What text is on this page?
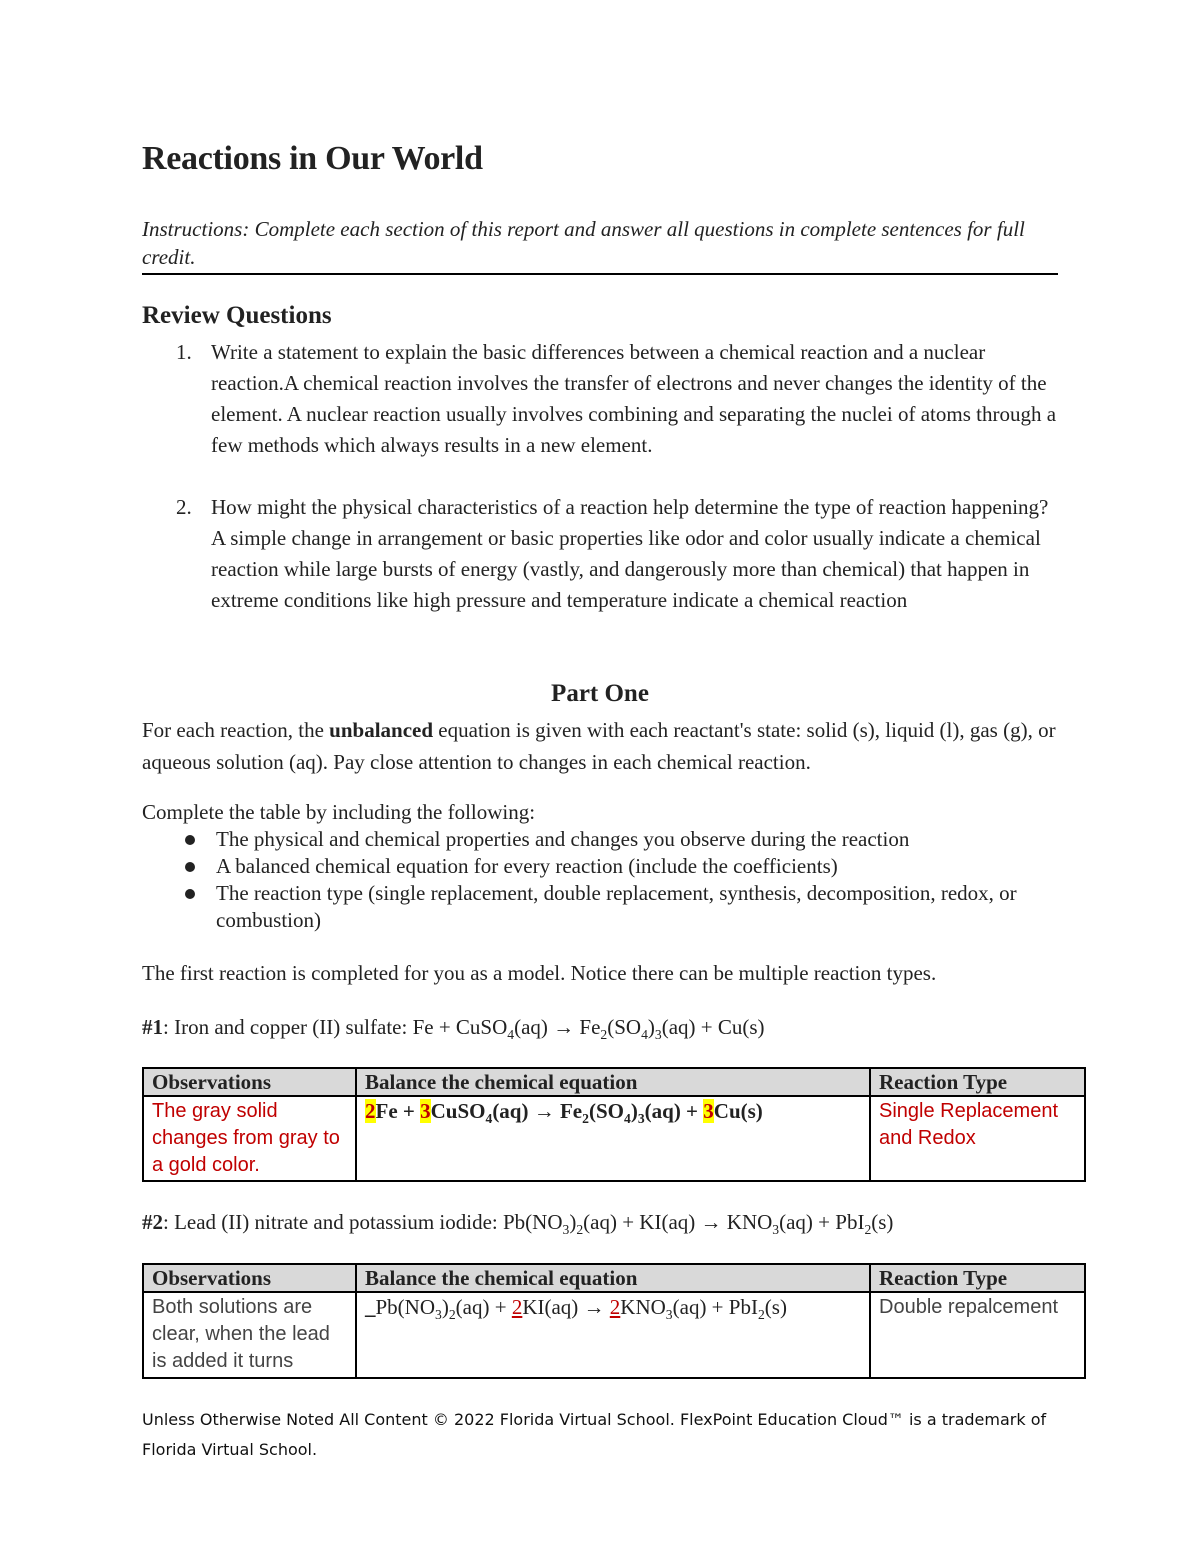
Reactions in Our World
Instructions: Complete each section of this report and answer all questions in complete sentences for full credit.
Review Questions
1. Write a statement to explain the basic differences between a chemical reaction and a nuclear reaction.A chemical reaction involves the transfer of electrons and never changes the identity of the element. A nuclear reaction usually involves combining and separating the nuclei of atoms through a few methods which always results in a new element.
2. How might the physical characteristics of a reaction help determine the type of reaction happening? A simple change in arrangement or basic properties like odor and color usually indicate a chemical reaction while large bursts of energy (vastly, and dangerously more than chemical) that happen in extreme conditions like high pressure and temperature indicate a chemical reaction
Part One
For each reaction, the unbalanced equation is given with each reactant's state: solid (s), liquid (l), gas (g), or aqueous solution (aq). Pay close attention to changes in each chemical reaction.
Complete the table by including the following:
The physical and chemical properties and changes you observe during the reaction
A balanced chemical equation for every reaction (include the coefficients)
The reaction type (single replacement, double replacement, synthesis, decomposition, redox, or combustion)
The first reaction is completed for you as a model. Notice there can be multiple reaction types.
#1: Iron and copper (II) sulfate: Fe + CuSO$_4$(aq) → $Fe_2(SO_4)_3(aq) + Cu(s)$
Observations	Balance the chemical equation	Reaction Type
The gray solid changes from gray to a gold color.	2Fe + 3CuSO$_4$(aq) → $Fe_2(SO_4)_3(aq) + 3Cu(s)$	Single Replacement and Redox
#2: Lead (II) nitrate and potassium iodide: $Pb(NO_3)_2(aq) + KI(aq) \to KNO_3(aq) + PbI_2(s)$
Observations	Balance the chemical equation	Reaction Type
Both solutions are clear, when the lead is added it turns	$\_Pb(NO_3)_2(aq) + 2KI(aq) \to 2KNO_3(aq) + PbI_2(s)$	Double repalcement
Unless Otherwise Noted All Content © 2022 Florida Virtual School. FlexPoint Education Cloud™ is a trademark of Florida Virtual School.
